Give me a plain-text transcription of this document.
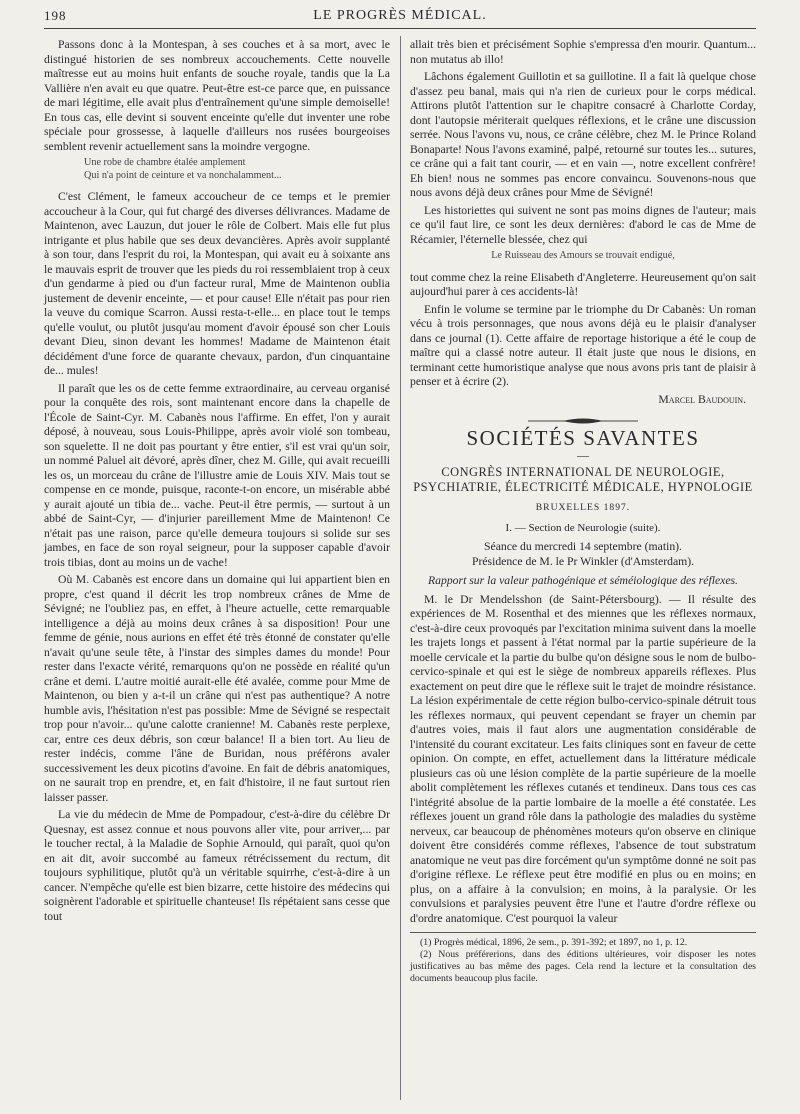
198	LE PROGRÈS MÉDICAL.

Passons donc à la Montespan, à ses couches et à sa mort, avec le distingué historien de ses nombreux accouchements. Cette nouvelle maîtresse eut au moins huit enfants de souche royale, tandis que la La Vallière n'en avait eu que quatre. Peut-être est-ce parce que, en puissance de mari légitime, elle avait plus d'entraînement qu'une simple demoiselle! En tous cas, elle devint si souvent enceinte qu'elle dut inventer une robe spéciale pour grossesse, à laquelle d'ailleurs nos rusées bourgeoises semblent revenir actuellement sans la moindre vergogne.

Une robe de chambre étalée amplement
Qui n'a point de ceinture et va nonchalamment...

C'est Clément, le fameux accoucheur de ce temps et le premier accoucheur à la Cour, qui fut chargé des diverses délivrances. Madame de Maintenon, avec Lauzun, dut jouer le rôle de Colbert. Mais elle fut plus intrigante et plus habile que ses deux devancières. Après avoir supplanté à son tour, dans l'esprit du roi, la Montespan, qui avait eu à soixante ans le mauvais esprit de trouver que les pieds du roi ressemblaient trop à ceux d'un gendarme à pied ou d'un facteur rural, Mme de Maintenon oublia justement de devenir enceinte, — et pour cause! Elle n'était pas pour rien la veuve du comique Scarron. Aussi resta-t-elle... en place tout le temps qu'elle voulut, ou plutôt jusqu'au moment d'avoir épousé son cher Louis devant Dieu, sinon devant les hommes! Madame de Maintenon était décidément d'une force de quarante chevaux, pardon, d'un cinquantaine de... mules!

Il paraît que les os de cette femme extraordinaire, au cerveau organisé pour la conquête des rois, sont maintenant encore dans la chapelle de l'École de Saint-Cyr. M. Cabanès nous l'affirme. En effet, l'on y aurait déposé, à nouveau, sous Louis-Philippe, après avoir violé son tombeau, son squelette. Il ne doit pas pourtant y être entier, s'il est vrai qu'un soir, un nommé Paluel ait dévoré, après dîner, chez M. Gille, qui avait recueilli les os, un morceau du crâne de l'illustre amie de Louis XIV. Mais tout se compense en ce monde, puisque, raconte-t-on encore, un misérable abbé y aurait ajouté un tibia de... vache. Peut-il être permis, — surtout à un abbé de Saint-Cyr, — d'injurier pareillement Mme de Maintenon! Ce n'était pas une raison, parce qu'elle demeura toujours si solide sur ses jambes, en face de son royal seigneur, pour la supposer capable d'avoir trois tibias, dont au moins un de vache!

Où M. Cabanès est encore dans un domaine qui lui appartient bien en propre, c'est quand il décrit les trop nombreux crânes de Mme de Sévigné; ne l'oubliez pas, en effet, à l'heure actuelle, cette remarquable intelligence a déjà au moins deux crânes à sa disposition! Pour une femme de génie, nous aurions en effet été très étonné de constater qu'elle n'avait qu'une seule tête, à l'instar des simples dames du monde! Pour rester dans l'exacte vérité, remarquons qu'on ne possède en réalité qu'un crâne et demi. L'autre moitié aurait-elle été avalée, comme pour Mme de Maintenon, ou bien y a-t-il un crâne qui n'est pas authentique? A notre humble avis, l'hésitation n'est pas possible: Mme de Sévigné se respectait trop pour n'avoir... qu'une calotte cranienne! M. Cabanès reste perplexe, car, entre ces deux débris, son cœur balance! Il a bien tort. Au lieu de rester indécis, comme l'âne de Buridan, nous préférons avaler successivement les deux picotins d'avoine. En fait de débris anatomiques, on ne saurait trop en prendre, et, en fait d'histoire, il ne faut surtout rien laisser passer.

La vie du médecin de Mme de Pompadour, c'est-à-dire du célèbre Dr Quesnay, est assez connue et nous pouvons aller vite, pour arriver,... par le toucher rectal, à la Maladie de Sophie Arnould, qui paraît, quoi qu'on en ait dit, avoir succombé au fameux rétrécissement du rectum, dit toujours syphilitique, plutôt qu'à un véritable squirrhe, c'est-à-dire à un cancer. N'empêche qu'elle est bien bizarre, cette histoire des médecins qui soignèrent l'adorable et spirituelle chanteuse! Ils répétaient sans cesse que tout

allait très bien et précisément Sophie s'empressa d'en mourir. Quantum... non mutatus ab illo!

Lâchons également Guillotin et sa guillotine. Il a fait là quelque chose d'assez peu banal, mais qui n'a rien de curieux pour le corps médical. Attirons plutôt l'attention sur le chapitre consacré à Charlotte Corday, dont l'autopsie mériterait quelques réflexions, et le crâne une discussion serrée. Nous l'avons vu, nous, ce crâne célèbre, chez M. le Prince Roland Bonaparte! Nous l'avons examiné, palpé, retourné sur toutes les... sutures, ce crâne qui a fait tant courir, — et en vain —, notre excellent confrère! Eh bien! nous ne sommes pas encore convaincu. Souvenons-nous que nous avons déjà deux crânes pour Mme de Sévigné!

Les historiettes qui suivent ne sont pas moins dignes de l'auteur; mais ce qu'il faut lire, ce sont les deux dernières: d'abord le cas de Mme de Récamier, l'éternelle blessée, chez qui

Le Ruisseau des Amours se trouvait endigué,

tout comme chez la reine Elisabeth d'Angleterre. Heureusement qu'on sait aujourd'hui parer à ces accidents-là!

Enfin le volume se termine par le triomphe du Dr Cabanès: Un roman vécu à trois personnages, que nous avons déjà eu le plaisir d'analyser dans ce journal (1). Cette affaire de reportage historique a été le coup de maître qui a classé notre auteur. Il était juste que nous le disions, en terminant cette humoristique analyse que nous avons pris tant de plaisir à penser et à écrire (2).

Marcel Baudouin.

SOCIÉTÉS SAVANTES
—
CONGRÈS INTERNATIONAL DE NEUROLOGIE, PSYCHIATRIE, ÉLECTRICITÉ MÉDICALE, HYPNOLOGIE
BRUXELLES 1897.
I. — Section de Neurologie (suite).
Séance du mercredi 14 septembre (matin).
Présidence de M. le Pr Winkler (d'Amsterdam).
Rapport sur la valeur pathogénique et séméiologique des réflexes.

M. le Dr Mendelsshon (de Saint-Pétersbourg). — Il résulte des expériences de M. Rosenthal et des miennes que les réflexes normaux, c'est-à-dire ceux provoqués par l'excitation minima suivent dans la moelle les trajets longs et passent à l'état normal par la partie supérieure de la moelle cervicale et la partie du bulbe qu'on désigne sous le nom de bulbo-cervico-spinale et qui est le siège de nombreux appareils réflexes. Plus exactement on peut dire que le réflexe suit le trajet de moindre résistance. La lésion expérimentale de cette région bulbo-cervico-spinale détruit tous les réflexes normaux, qui peuvent cependant se frayer un chemin par d'autres voies, mais il faut alors une augmentation considérable de l'intensité du courant excitateur. Les faits cliniques sont en faveur de cette opinion. On compte, en effet, actuellement dans la littérature médicale plusieurs cas où une lésion complète de la partie supérieure de la moelle abolit complètement les réflexes cutanés et tendineux. Dans tous ces cas l'intégrité absolue de la partie lombaire de la moelle a été constatée. Les réflexes jouent un grand rôle dans la pathologie des maladies du système nerveux, car beaucoup de phénomènes moteurs qu'on observe en clinique doivent être considérés comme réflexes, l'absence de tout substratum anatomique ne veut pas dire forcément qu'un symptôme donné ne soit pas d'origine réflexe. Le réflexe peut être modifié en plus ou en moins; en plus, on a affaire à la convulsion; en moins, à la paralysie. Or les convulsions et paralysies peuvent être l'une et l'autre d'ordre réflexe ou d'ordre anatomique. C'est pourquoi la valeur

(1) Progrès médical, 1896, 2e sem., p. 391-392; et 1897, no 1, p. 12.

(2) Nous préférerions, dans des éditions ultérieures, voir disposer les notes justificatives au bas même des pages. Cela rend la lecture et la consultation des documents beaucoup plus facile.
